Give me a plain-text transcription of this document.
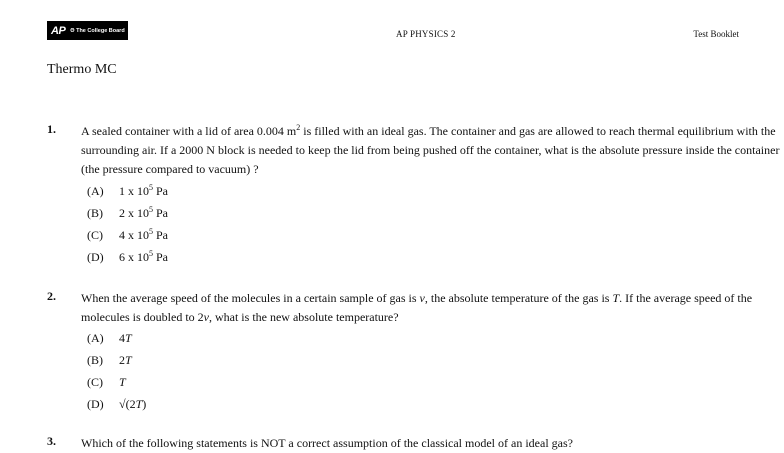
AP Θ The College Board	AP PHYSICS 2	Test Booklet
Thermo MC
1. A sealed container with a lid of area 0.004 $m^2$ is filled with an ideal gas. The container and gas are allowed to reach thermal equilibrium with the surrounding air. If a 2000 N block is needed to keep the lid from being pushed off the container, what is the absolute pressure inside the container (the pressure compared to vacuum) ?
(A) 1 x $10^5$ Pa
(B) 2 x $10^5$ Pa
(C) 4 x $10^5$ Pa
(D) 6 x $10^5$ Pa
2. When the average speed of the molecules in a certain sample of gas is v, the absolute temperature of the gas is T. If the average speed of the molecules is doubled to 2v, what is the new absolute temperature?
(A) 4T
(B) 2T
(C) T
(D) √(2T)
3. Which of the following statements is NOT a correct assumption of the classical model of an ideal gas?
